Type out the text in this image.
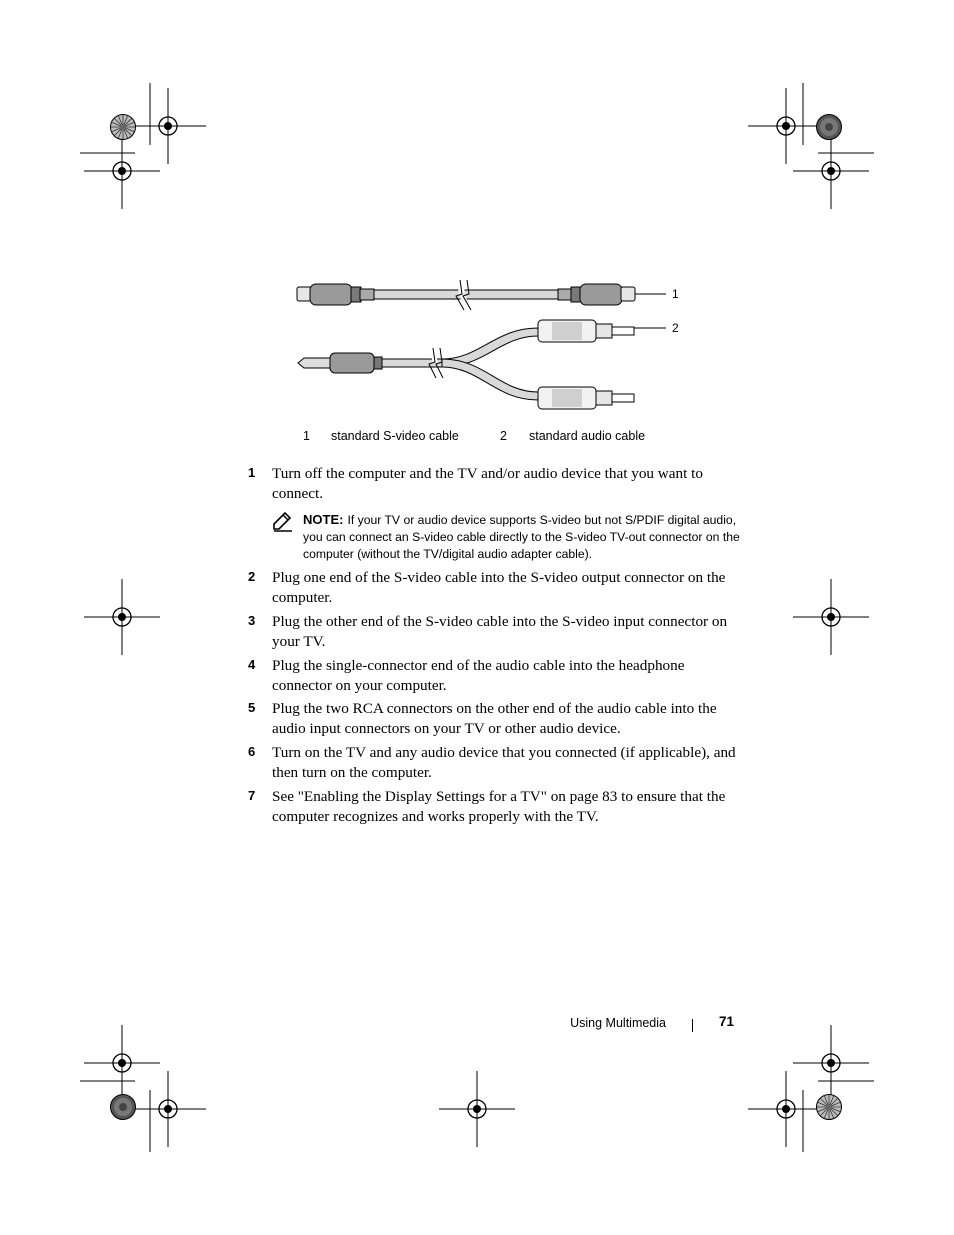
1
2
1 standard S-video cable	2 standard audio cable
1 Turn off the computer and the TV and/or audio device that you want to connect.
NOTE: If your TV or audio device supports S-video but not S/PDIF digital audio, you can connect an S-video cable directly to the S-video TV-out connector on the computer (without the TV/digital audio adapter cable).
2 Plug one end of the S-video cable into the S-video output connector on the computer.
3 Plug the other end of the S-video cable into the S-video input connector on your TV.
4 Plug the single-connector end of the audio cable into the headphone connector on your computer.
5 Plug the two RCA connectors on the other end of the audio cable into the audio input connectors on your TV or other audio device.
6 Turn on the TV and any audio device that you connected (if applicable), and then turn on the computer.
7 See "Enabling the Display Settings for a TV" on page 83 to ensure that the computer recognizes and works properly with the TV.
Using Multimedia	71
